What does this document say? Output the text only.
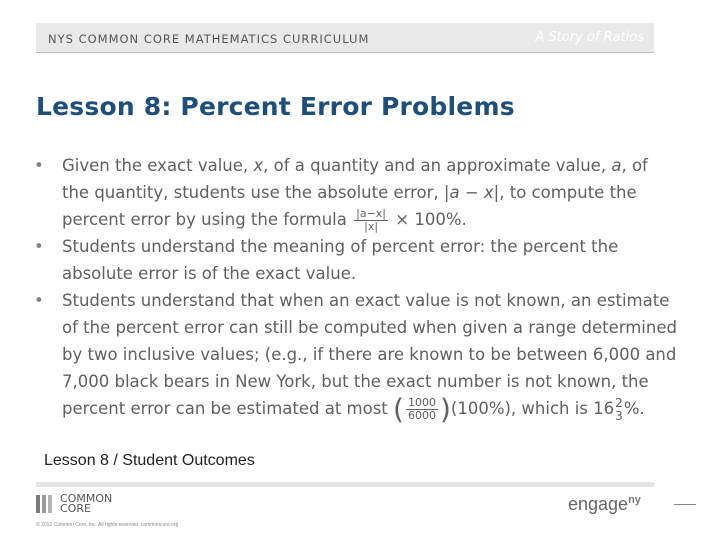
NYS COMMON CORE MATHEMATICS CURRICULUM	A Story of Ratios
Lesson 8: Percent Error Problems
• Given the exact value, x, of a quantity and an approximate value, a, of the quantity, students use the absolute error, |a − x|, to compute the percent error by using the formula $\frac{|a-x|}{|x|} \times 100\%$.
• Students understand the meaning of percent error: the percent the absolute error is of the exact value.
• Students understand that when an exact value is not known, an estimate of the percent error can still be computed when given a range determined by two inclusive values; (e.g., if there are known to be between 6,000 and 7,000 black bears in New York, but the exact number is not known, the percent error can be estimated at most ( $\frac{1000}{6000} )(100\%)$, which is 16 2
3 %.
Lesson 8 / Student Outcomes
COMMON
CORE
© 2012 Common Core, Inc. All rights reserved. commoncore.org
engage$^{ny}$
